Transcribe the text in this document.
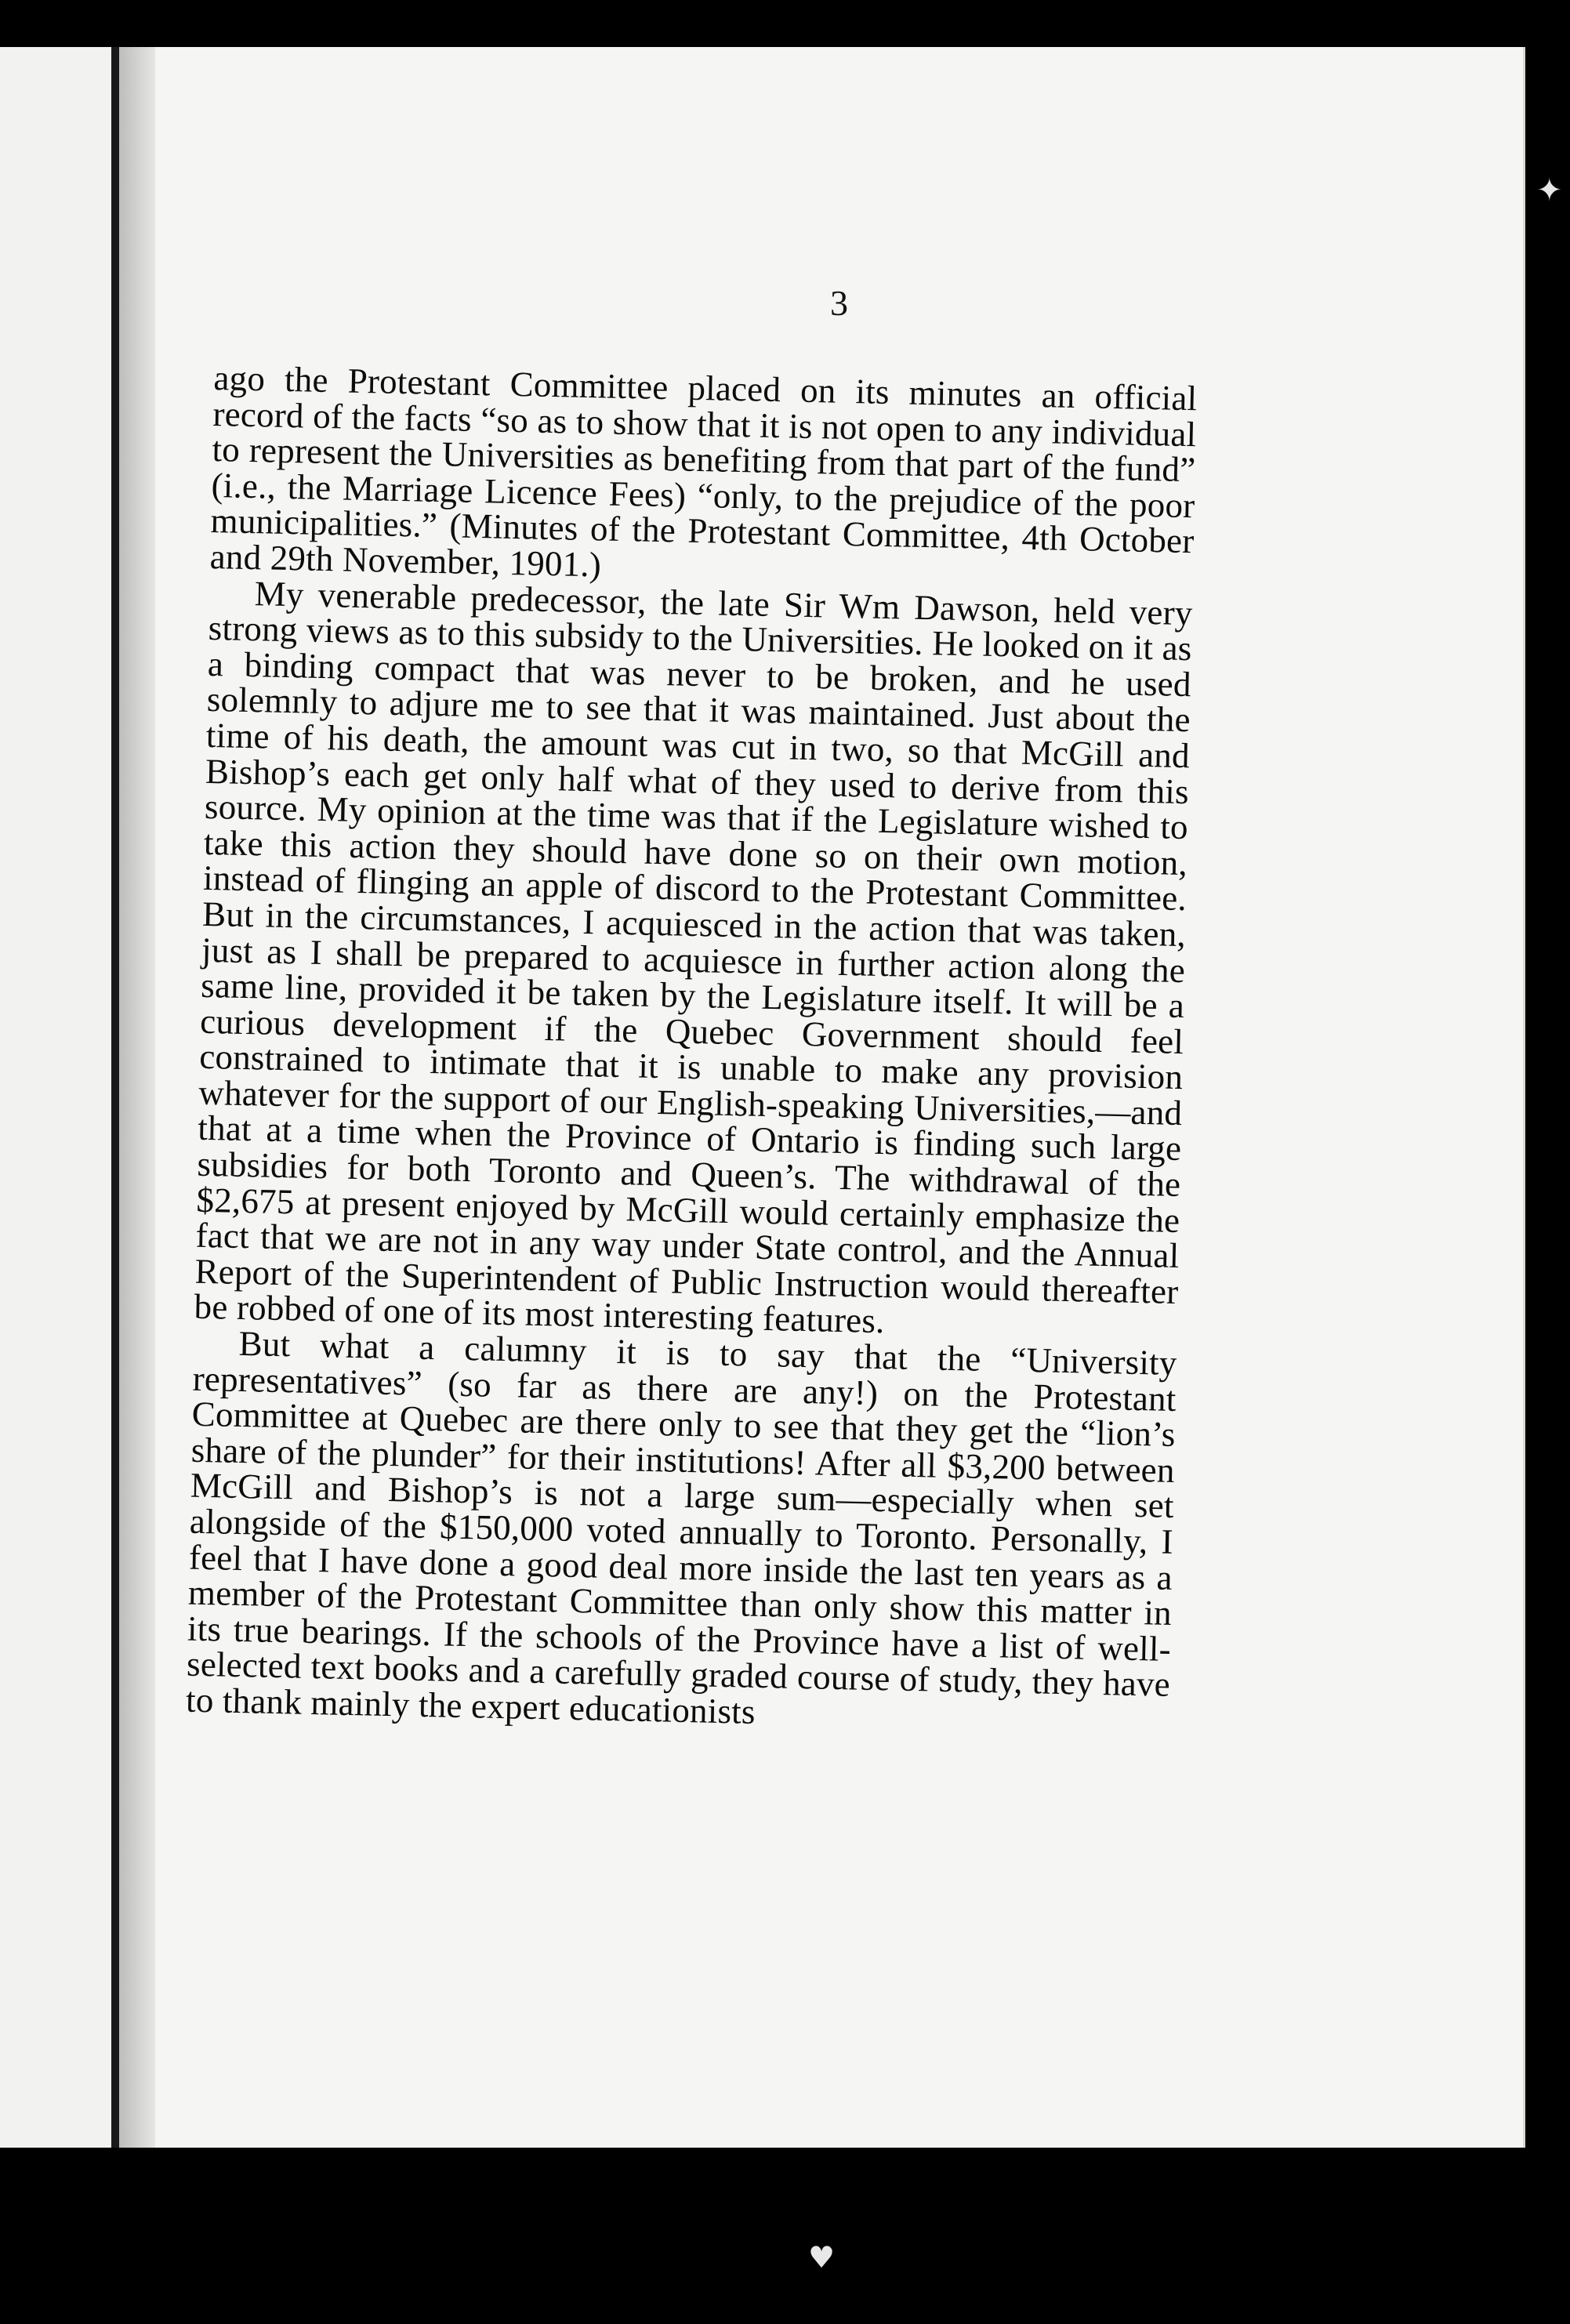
3

ago the Protestant Committee placed on its minutes an official record of the facts “so as to show that it is not open to any individual to represent the Universities as benefiting from that part of the fund” (i.e., the Marriage Licence Fees) “only, to the prejudice of the poor municipalities.” (Minutes of the Protestant Committee, 4th October and 29th November, 1901.)

My venerable predecessor, the late Sir Wm Dawson, held very strong views as to this subsidy to the Universities. He looked on it as a binding compact that was never to be broken, and he used solemnly to adjure me to see that it was maintained. Just about the time of his death, the amount was cut in two, so that McGill and Bishop’s each get only half what of they used to derive from this source. My opinion at the time was that if the Legislature wished to take this action they should have done so on their own motion, instead of flinging an apple of discord to the Protestant Committee. But in the circumstances, I acquiesced in the action that was taken, just as I shall be prepared to acquiesce in further action along the same line, provided it be taken by the Legislature itself. It will be a curious development if the Quebec Government should feel constrained to intimate that it is unable to make any provision whatever for the support of our English-speaking Universities,—and that at a time when the Province of Ontario is finding such large subsidies for both Toronto and Queen’s. The withdrawal of the $2,675 at present enjoyed by McGill would certainly emphasize the fact that we are not in any way under State control, and the Annual Report of the Superintendent of Public Instruction would thereafter be robbed of one of its most interesting features.

But what a calumny it is to say that the “University representatives” (so far as there are any!) on the Protestant Committee at Quebec are there only to see that they get the “lion’s share of the plunder” for their institutions! After all $3,200 between McGill and Bishop’s is not a large sum—especially when set alongside of the $150,000 voted annually to Toronto. Personally, I feel that I have done a good deal more inside the last ten years as a member of the Protestant Committee than only show this matter in its true bearings. If the schools of the Province have a list of well-selected text books and a carefully graded course of study, they have to thank mainly the expert educationists

✦
♥
